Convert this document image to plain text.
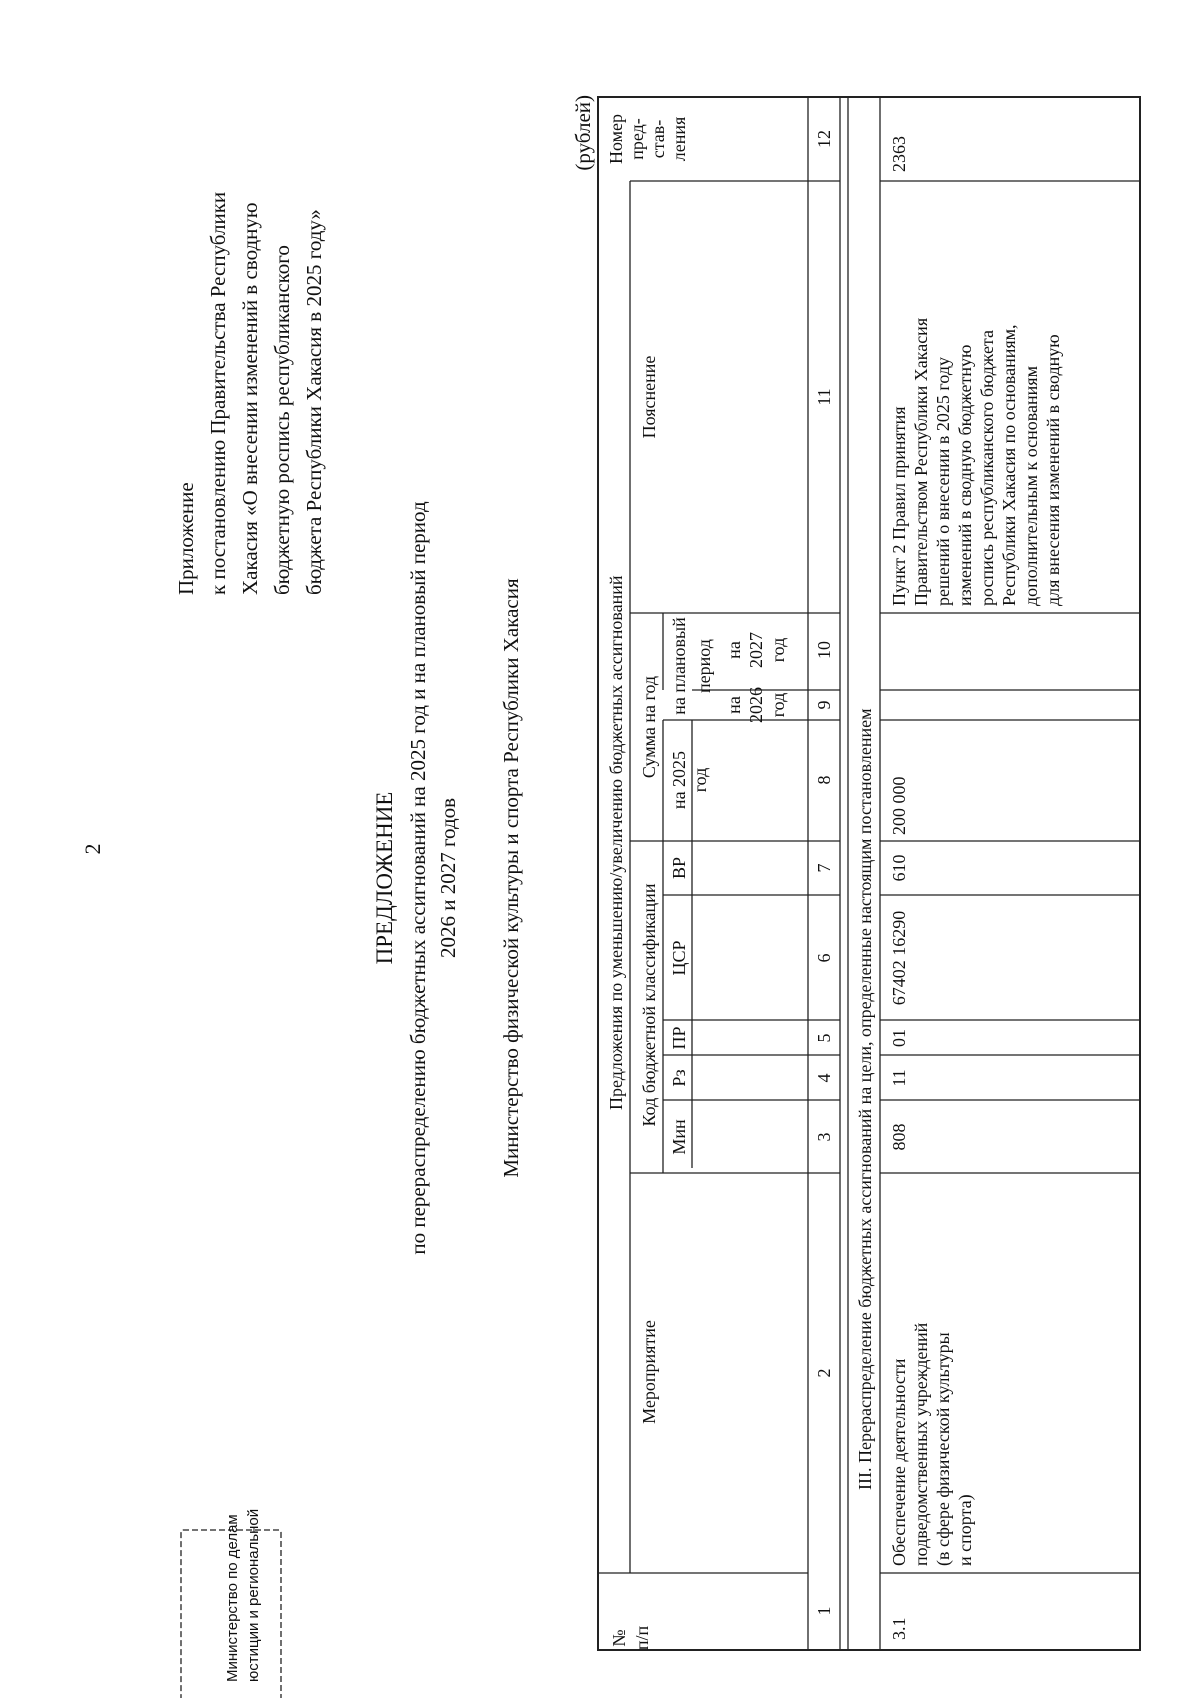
2
Приложение к постановлению Правительства Республики Хакасия «О внесении изменений в сводную бюджетную роспись республиканского бюджета Республики Хакасия в 2025 году»
ПРЕДЛОЖЕНИЕ по перераспределению бюджетных ассигнований на 2025 год и на плановый период 2026 и 2027 годов Министерство физической культуры и спорта Республики Хакасия
(рублей)
Министерство по делам юстиции и региональной	№ п/п
Предложения по уменьшению/увеличению бюджетных ассигнований
Мероприятие
Код бюджетной классификации
Сумма на год
Пояснение
Номер пред- став- ления
Мин
Рз
ПР
ЦСР
ВР
на 2025 год
на плановый период
на 2026 год
на 2027 год
1
2
3
4
5
6
7
8
9
10
11
12
III. Перераспределение бюджетных ассигнований на цели, определенные настоящим постановлением
3.1
Обеспечение деятельности подведомственных учреждений (в сфере физической культуры и спорта)
808
11
01
67402 16290
610
200 000
Пункт 2 Правил принятия Правительством Республики Хакасия решений о внесении в 2025 году изменений в сводную бюджетную роспись республиканского бюджета Республики Хакасия по основаниям, дополнительным к основаниям для внесения изменений в сводную
2363
